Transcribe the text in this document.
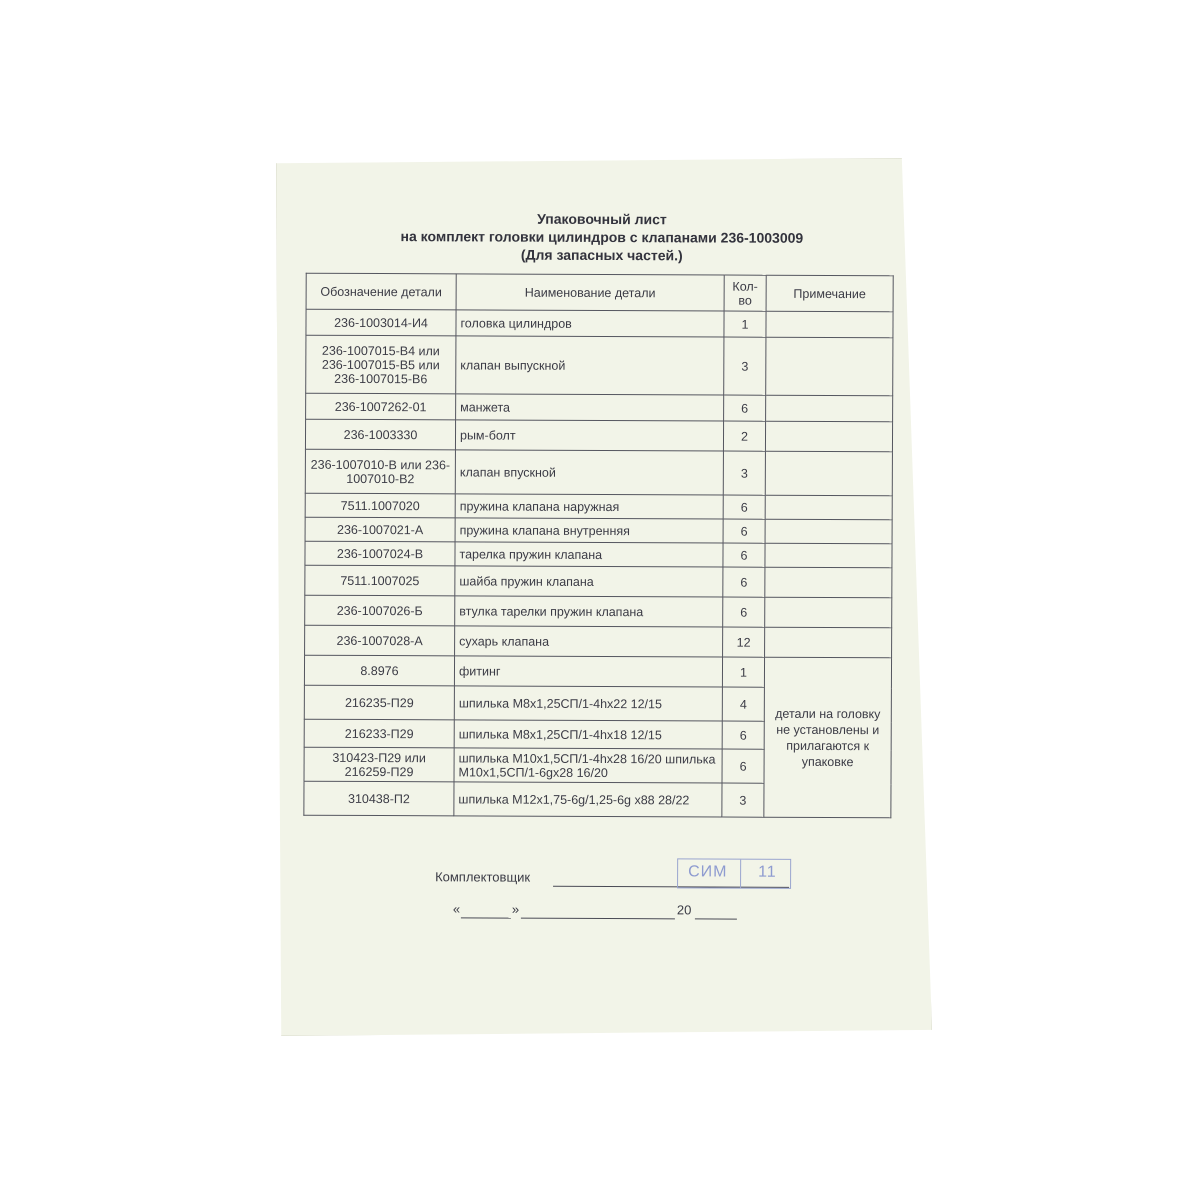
Упаковочный лист
на комплект головки цилиндров с клапанами 236-1003009
(Для запасных частей.)
Обозначение детали	Наименование детали	Кол-во	Примечание
236-1003014-И4	головка цилиндров	1	
236-1007015-В4 или 236-1007015-В5 или 236-1007015-В6	клапан выпускной	3	
236-1007262-01	манжета	6	
236-1003330	рым-болт	2	
236-1007010-В или 236-1007010-В2	клапан впускной	3	
7511.1007020	пружина клапана наружная	6	
236-1007021-А	пружина клапана внутренняя	6	
236-1007024-В	тарелка пружин клапана	6	
7511.1007025	шайба пружин клапана	6	
236-1007026-Б	втулка тарелки пружин клапана	6	
236-1007028-А	сухарь клапана	12	
8.8976	фитинг	1	детали на головку не установлены и прилагаются к упаковке
216235-П29	шпилька М8х1,25СП/1-4hх22 12/15	4	
216233-П29	шпилька М8х1,25СП/1-4hх18 12/15	6	
310423-П29 или 216259-П29	шпилька М10х1,5СП/1-4hх28 16/20 шпилька М10х1,5СП/1-6gх28 16/20	6	
310438-П2	шпилька М12х1,75-6g/1,25-6g х88 28/22	3	
Комплектовщик	СИМ 11
«	»	20
